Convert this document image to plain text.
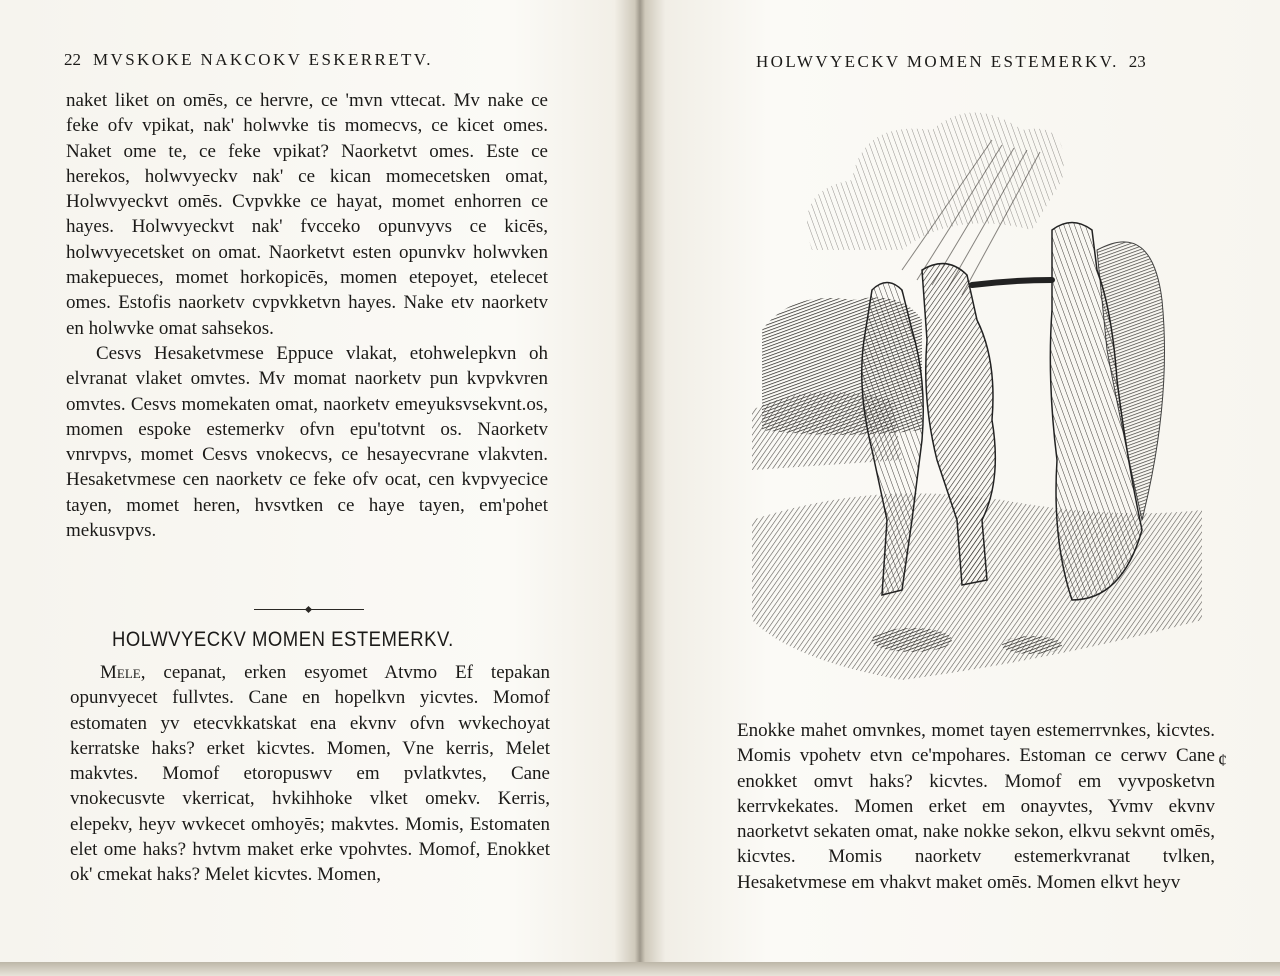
22 MVSKOKE NAKCOKV ESKERRETV.

naket liket on omēs, ce hervre, ce 'mvn vttecat. Mv nake ce feke ofv vpikat, nak' holwvke tis momecvs, ce kicet omes. Naket ome te, ce feke vpikat? Naorketvt omes. Este ce herekos, holwvyeckv nak' ce kican momecetsken omat, Holwvyeckvt omēs. Cvpvkke ce hayat, momet enhorren ce hayes. Holwvyeckvt nak' fvcceko opunvyvs ce kicēs, holwvyecetsket on omat. Naorketvt esten opunvkv holwvken makepueces, momet horkopicēs, momen etepoyet, etelecet omes. Estofis naorketv cvpvkketvn hayes. Nake etv naorketv en holwvke omat sahsekos.

Cesvs Hesaketvmese Eppuce vlakat, etohwelepkvn oh elvranat vlaket omvtes. Mv momat naorketv pun kvpvkvren omvtes. Cesvs momekaten omat, naorketv emeyuksvsekvnt.os, momen espoke estemerkv ofvn epu'totvnt os. Naorketv vnrvpvs, momet Cesvs vnokecvs, ce hesayecvrane vlakvten. Hesaketvmese cen naorketv ce feke ofv ocat, cen kvpvyecice tayen, momet heren, hvsvtken ce haye tayen, em'pohet mekusvpvs.

HOLWVYECKV MOMEN ESTEMERKV.

Mele, cepanat, erken esyomet Atvmo Ef tepakan opunvyecet fullvtes. Cane en hopelkvn yicvtes. Momof estomaten yv etecvkkatskat ena ekvnv ofvn wvkechoyat kerratske haks? erket kicvtes. Momen, Vne kerris, Melet makvtes. Momof etoropuswv em pvlatkvtes, Cane vnokecusvte vkerricat, hvkihhoke vlket omekv. Kerris, elepekv, heyv wvkecet omhoyēs; makvtes. Momis, Estomaten elet ome haks? hvtvm maket erke vpohvtes. Momof, Enokket ok' cmekat haks? Melet kicvtes. Momen,

HOLWVYECKV MOMEN ESTEMERKV. 23
¢

Enokke mahet omvnkes, momet tayen estemerrvnkes, kicvtes. Momis vpohetv etvn ce'mpohares. Estoman ce cerwv Cane enokket omvt haks? kicvtes. Momof em vyvposketvn kerrvkekates. Momen erket em onayvtes, Yvmv ekvnv naorketvt sekaten omat, nake nokke sekon, elkvu sekvnt omēs, kicvtes. Momis naorketv estemerkvranat tvlken, Hesaketvmese em vhakvt maket omēs. Momen elkvt heyv
